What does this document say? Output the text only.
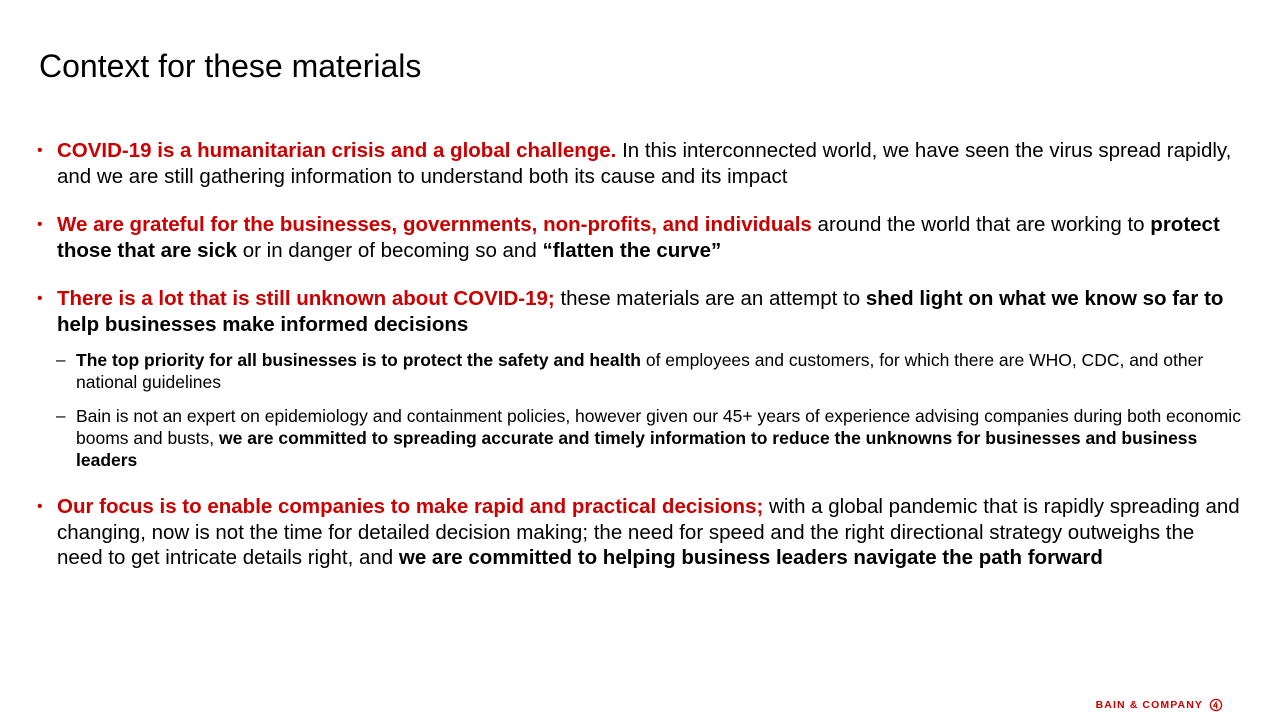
Context for these materials
• COVID-19 is a humanitarian crisis and a global challenge. In this interconnected world, we have seen the virus spread rapidly, and we are still gathering information to understand both its cause and its impact
• We are grateful for the businesses, governments, non-profits, and individuals around the world that are working to protect those that are sick or in danger of becoming so and “flatten the curve”
• There is a lot that is still unknown about COVID-19; these materials are an attempt to shed light on what we know so far to help businesses make informed decisions
– The top priority for all businesses is to protect the safety and health of employees and customers, for which there are WHO, CDC, and other national guidelines
– Bain is not an expert on epidemiology and containment policies, however given our 45+ years of experience advising companies during both economic booms and busts, we are committed to spreading accurate and timely information to reduce the unknowns for businesses and business leaders
• Our focus is to enable companies to make rapid and practical decisions; with a global pandemic that is rapidly spreading and changing, now is not the time for detailed decision making; the need for speed and the right directional strategy outweighs the need to get intricate details right, and we are committed to helping business leaders navigate the path forward
BAIN & COMPANY
